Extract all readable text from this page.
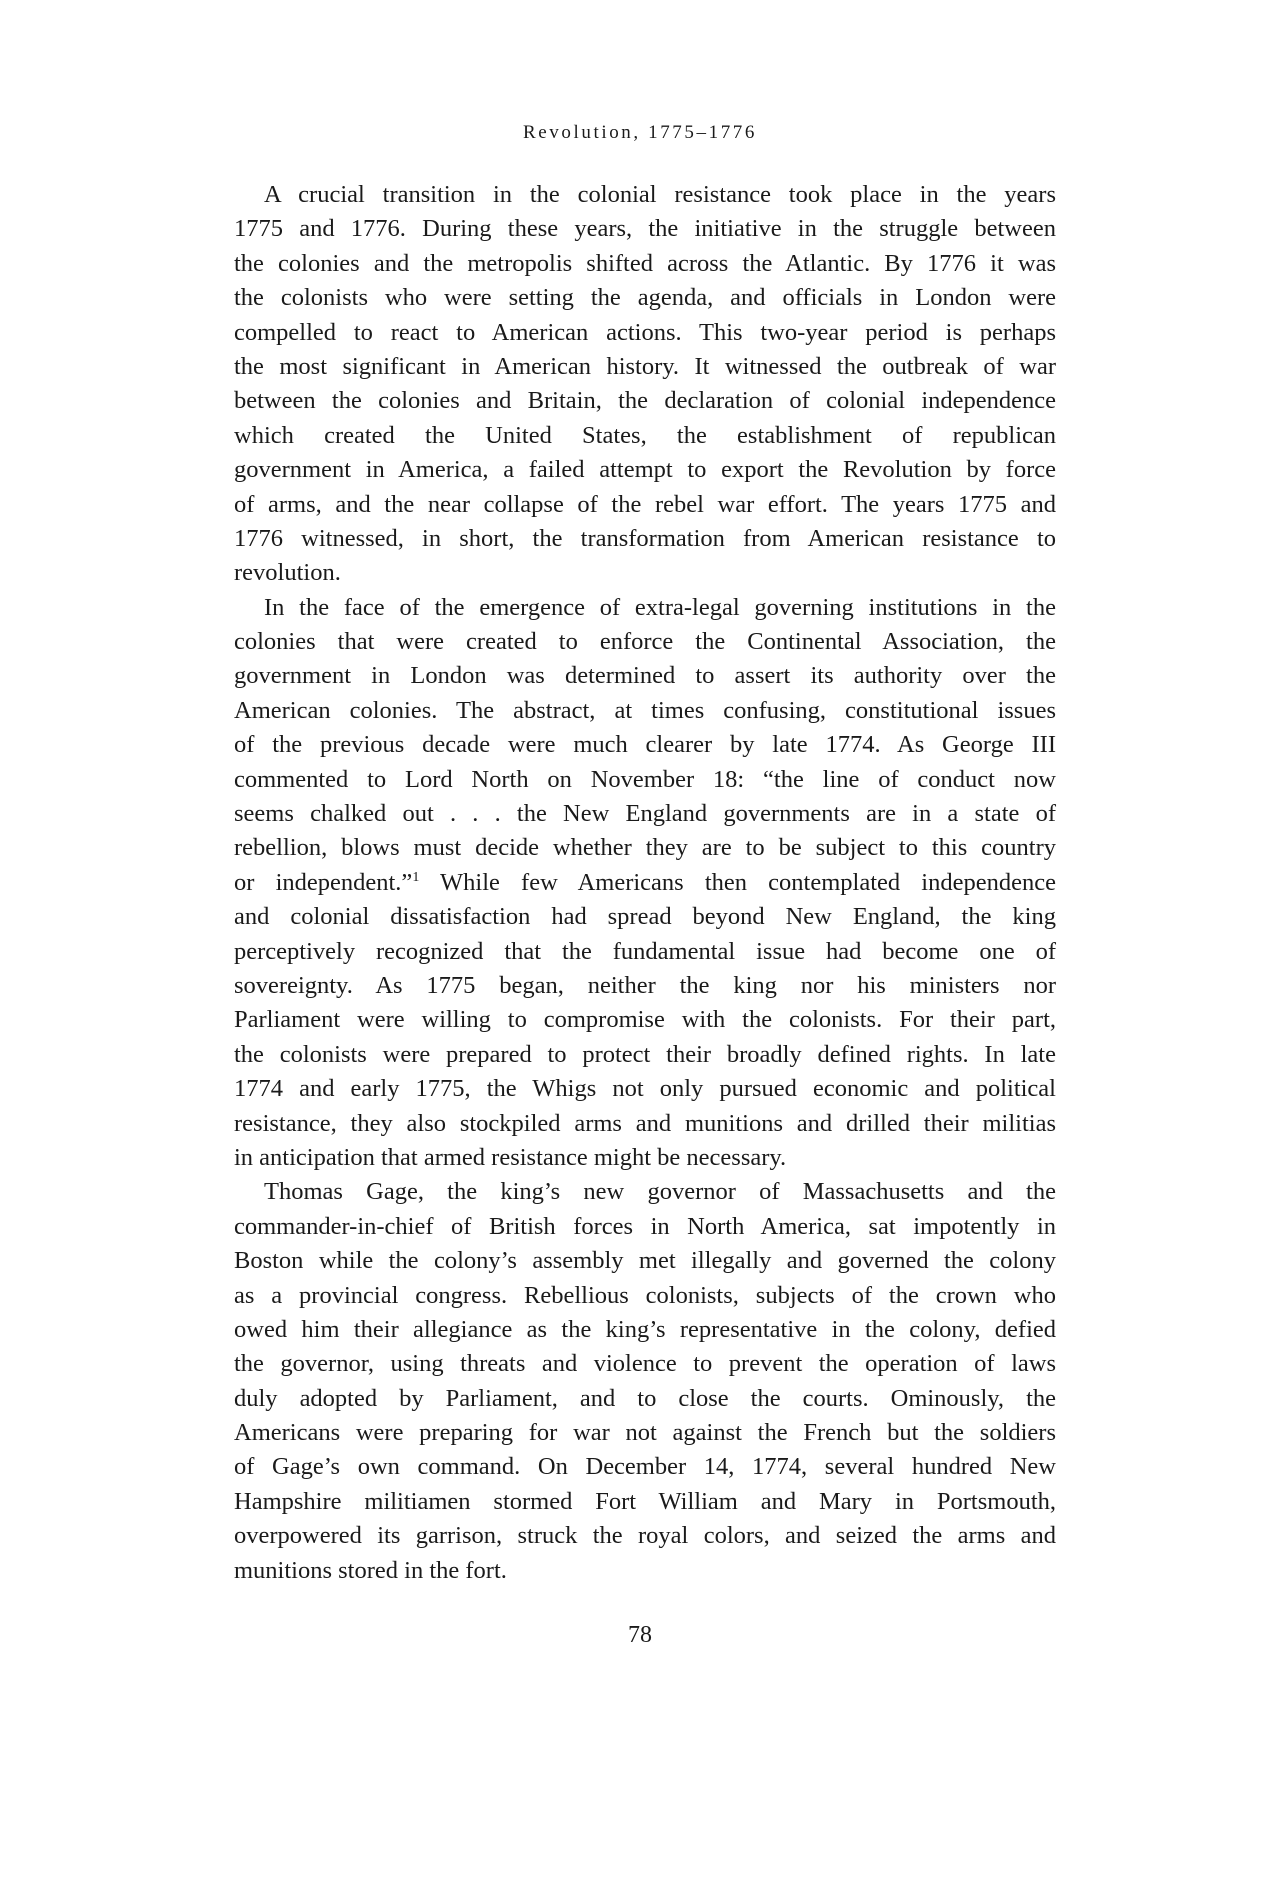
Revolution, 1775–1776
A crucial transition in the colonial resistance took place in the years
1775 and 1776. During these years, the initiative in the struggle between
the colonies and the metropolis shifted across the Atlantic. By 1776 it was
the colonists who were setting the agenda, and officials in London were
compelled to react to American actions. This two-year period is perhaps
the most significant in American history. It witnessed the outbreak of war
between the colonies and Britain, the declaration of colonial independence
which created the United States, the establishment of republican
government in America, a failed attempt to export the Revolution by force
of arms, and the near collapse of the rebel war effort. The years 1775 and
1776 witnessed, in short, the transformation from American resistance to
revolution.
In the face of the emergence of extra-legal governing institutions in the
colonies that were created to enforce the Continental Association, the
government in London was determined to assert its authority over the
American colonies. The abstract, at times confusing, constitutional issues
of the previous decade were much clearer by late 1774. As George III
commented to Lord North on November 18: “the line of conduct now
seems chalked out . . . the New England governments are in a state of
rebellion, blows must decide whether they are to be subject to this country
or independent.”$^1$ While few Americans then contemplated independence
and colonial dissatisfaction had spread beyond New England, the king
perceptively recognized that the fundamental issue had become one of
sovereignty. As 1775 began, neither the king nor his ministers nor
Parliament were willing to compromise with the colonists. For their part,
the colonists were prepared to protect their broadly defined rights. In late
1774 and early 1775, the Whigs not only pursued economic and political
resistance, they also stockpiled arms and munitions and drilled their militias
in anticipation that armed resistance might be necessary.
Thomas Gage, the king’s new governor of Massachusetts and the
commander-in-chief of British forces in North America, sat impotently in
Boston while the colony’s assembly met illegally and governed the colony
as a provincial congress. Rebellious colonists, subjects of the crown who
owed him their allegiance as the king’s representative in the colony, defied
the governor, using threats and violence to prevent the operation of laws
duly adopted by Parliament, and to close the courts. Ominously, the
Americans were preparing for war not against the French but the soldiers
of Gage’s own command. On December 14, 1774, several hundred New
Hampshire militiamen stormed Fort William and Mary in Portsmouth,
overpowered its garrison, struck the royal colors, and seized the arms and
munitions stored in the fort.
78
